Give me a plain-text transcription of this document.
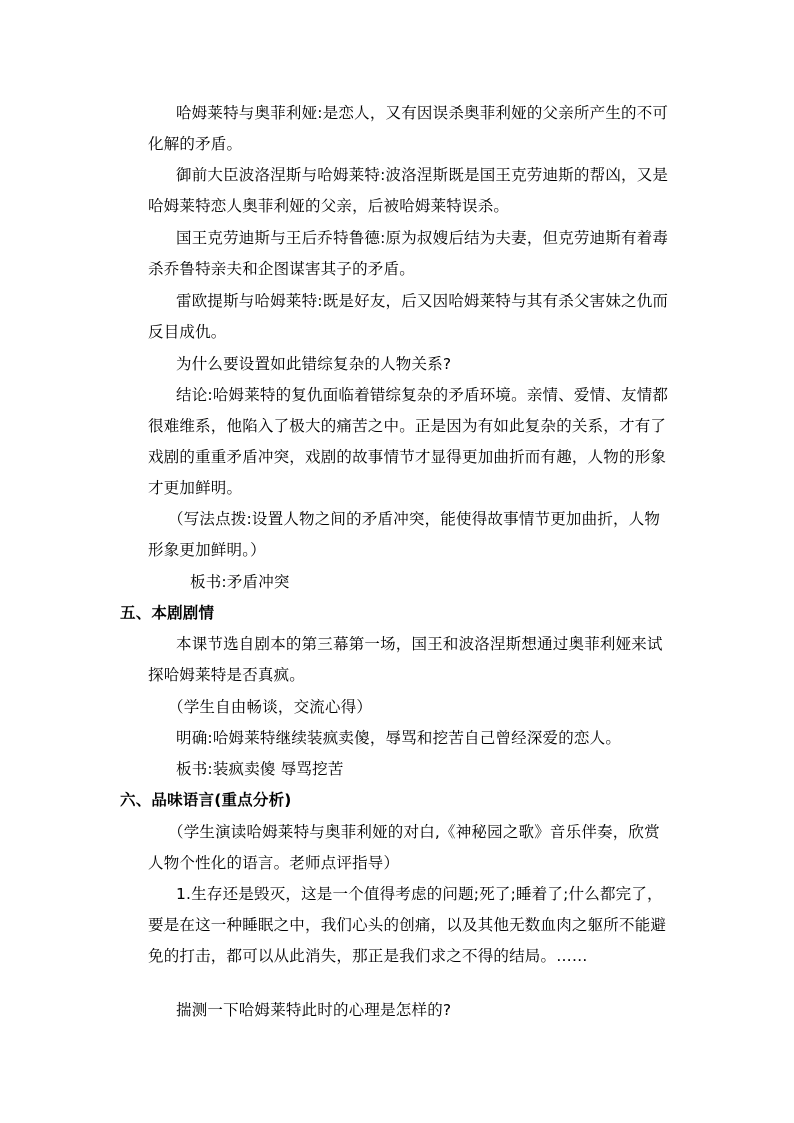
哈姆莱特与奥菲利娅:是恋人，又有因误杀奥菲利娅的父亲所产生的不可
化解的矛盾。
御前大臣波洛涅斯与哈姆莱特:波洛涅斯既是国王克劳迪斯的帮凶，又是
哈姆莱特恋人奥菲利娅的父亲，后被哈姆莱特误杀。
国王克劳迪斯与王后乔特鲁德:原为叔嫂后结为夫妻，但克劳迪斯有着毒
杀乔鲁特亲夫和企图谋害其子的矛盾。
雷欧提斯与哈姆莱特:既是好友，后又因哈姆莱特与其有杀父害妹之仇而
反目成仇。
为什么要设置如此错综复杂的人物关系?
结论:哈姆莱特的复仇面临着错综复杂的矛盾环境。亲情、爱情、友情都
很难维系，他陷入了极大的痛苦之中。正是因为有如此复杂的关系，才有了
戏剧的重重矛盾冲突，戏剧的故事情节才显得更加曲折而有趣，人物的形象
才更加鲜明。
（写法点拨:设置人物之间的矛盾冲突，能使得故事情节更加曲折，人物
形象更加鲜明。）
板书:矛盾冲突
五、本剧剧情
本课节选自剧本的第三幕第一场，国王和波洛涅斯想通过奥菲利娅来试
探哈姆莱特是否真疯。
（学生自由畅谈，交流心得）
明确:哈姆莱特继续装疯卖傻，辱骂和挖苦自己曾经深爱的恋人。
板书:装疯卖傻 辱骂挖苦
六、品味语言(重点分析)
（学生演读哈姆莱特与奥菲利娅的对白,《神秘园之歌》音乐伴奏，欣赏
人物个性化的语言。老师点评指导）
1.生存还是毁灭，这是一个值得考虑的问题;死了;睡着了;什么都完了，
要是在这一种睡眠之中，我们心头的创痛，以及其他无数血肉之躯所不能避
免的打击，都可以从此消失，那正是我们求之不得的结局。……
揣测一下哈姆莱特此时的心理是怎样的?
